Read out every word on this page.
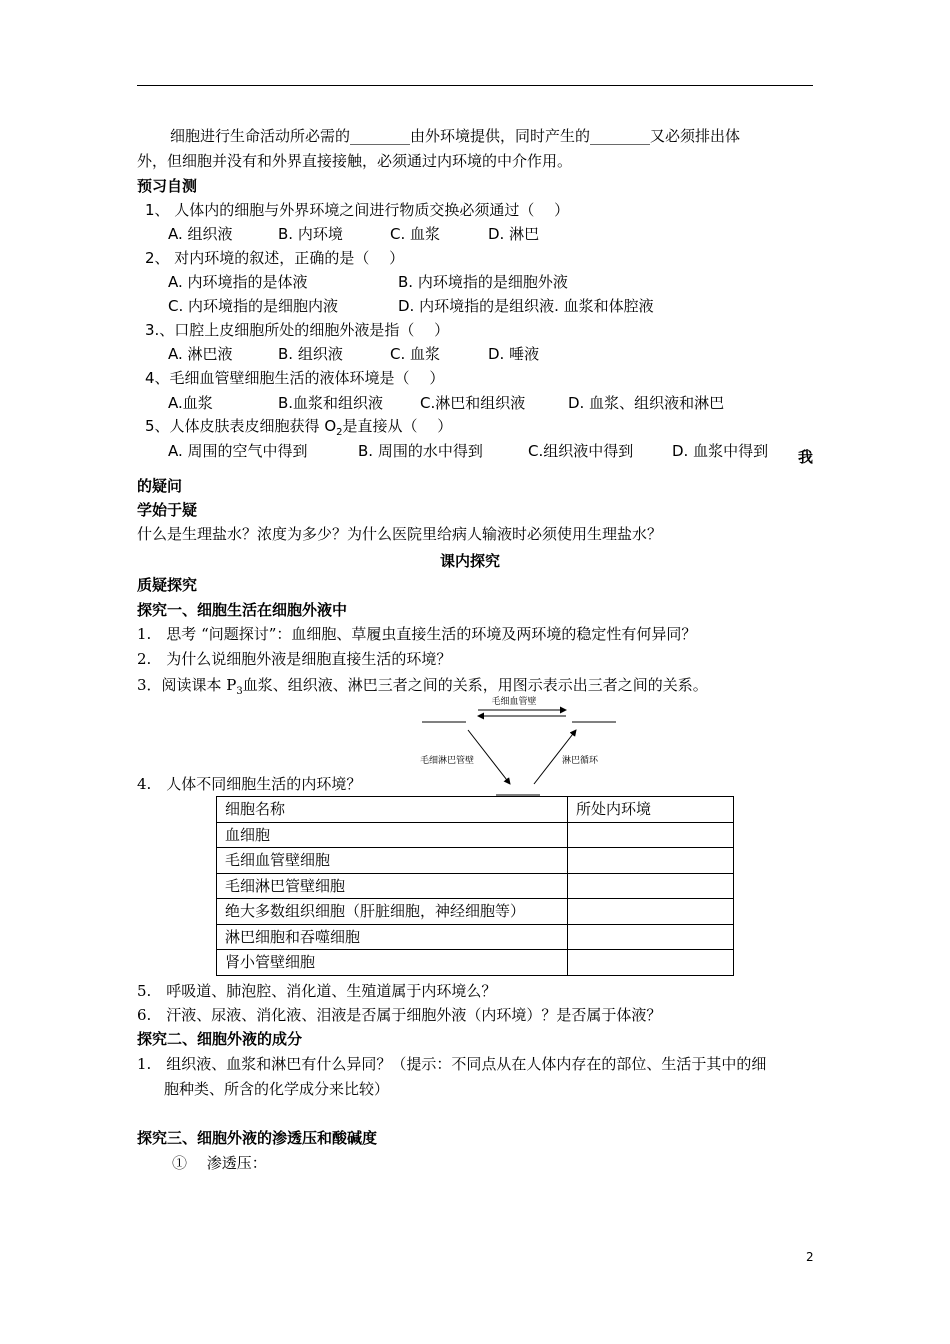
细胞进行生命活动所必需的________由外环境提供，同时产生的________又必须排出体
外，但细胞并没有和外界直接接触，必须通过内环境的中介作用。
预习自测
1、 人体内的细胞与外界环境之间进行物质交换必须通过（　 ）
A. 组织液	B. 内环境	C. 血浆	D. 淋巴
2、 对内环境的叙述，正确的是（　 ）
A. 内环境指的是体液	B. 内环境指的是细胞外液
C. 内环境指的是细胞内液	D. 内环境指的是组织液. 血浆和体腔液
3.、口腔上皮细胞所处的细胞外液是指（　 ）
A. 淋巴液	B. 组织液	C. 血浆	D. 唾液
4、毛细血管壁细胞生活的液体环境是（　 ）
A.血浆	B.血浆和组织液 C.淋巴和组织液	D. 血浆、组织液和淋巴
5、人体皮肤表皮细胞获得 $O_2$是直接从（　 ）
A. 周围的空气中得到	B. 周围的水中得到	C.组织液中得到	D. 血浆中得到 我
的疑问
学始于疑
什么是生理盐水？浓度为多少？为什么医院里给病人输液时必须使用生理盐水？
课内探究
质疑探究
探究一、细胞生活在细胞外液中
1.　思考 “问题探讨”：血细胞、草履虫直接生活的环境及两环境的稳定性有何异同？
2.　为什么说细胞外液是细胞直接生活的环境？
3．阅读课本 $P_3$血浆、组织液、淋巴三者之间的关系，用图示表示出三者之间的关系。
毛细血管壁
毛细淋巴管壁	淋巴循环
4.　人体不同细胞生活的内环境？
细胞名称	所处内环境
血细胞	
毛细血管壁细胞	
毛细淋巴管壁细胞	
绝大多数组织细胞（肝脏细胞，神经细胞等）	
淋巴细胞和吞噬细胞	
肾小管壁细胞	
5.　呼吸道、肺泡腔、消化道、生殖道属于内环境么？
6.　汗液、尿液、消化液、泪液是否属于细胞外液（内环境）？是否属于体液？
探究二、细胞外液的成分
1.　组织液、血浆和淋巴有什么异同？（提示：不同点从在人体内存在的部位、生活于其中的细
胞种类、所含的化学成分来比较）
探究三、细胞外液的渗透压和酸碱度
①　 渗透压：
2
